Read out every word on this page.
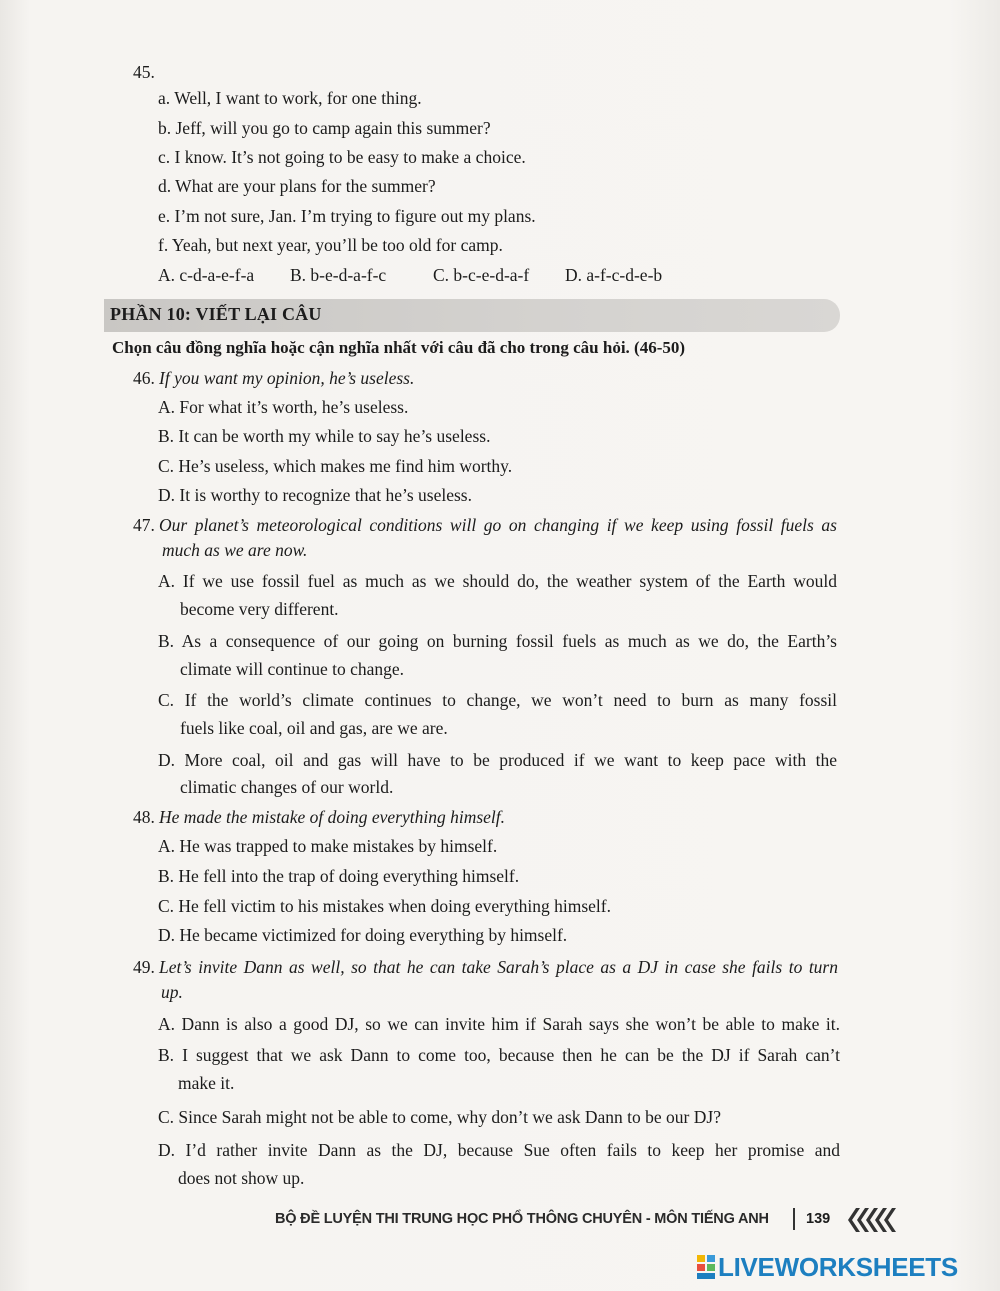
45.
a. Well, I want to work, for one thing.
b. Jeff, will you go to camp again this summer?
c. I know. It’s not going to be easy to make a choice.
d. What are your plans for the summer?
e. I’m not sure, Jan. I’m trying to figure out my plans.
f. Yeah, but next year, you’ll be too old for camp.
A. c-d-a-e-f-a B. b-e-d-a-f-c	C. b-c-e-d-a-f D. a-f-c-d-e-b
PHẦN 10: VIẾT LẠI CÂU
Chọn câu đồng nghĩa hoặc cận nghĩa nhất với câu đã cho trong câu hỏi. (46-50)
46. If you want my opinion, he’s useless.
A. For what it’s worth, he’s useless.
B. It can be worth my while to say he’s useless.
C. He’s useless, which makes me find him worthy.
D. It is worthy to recognize that he’s useless.
47. Our planet’s meteorological conditions will go on changing if we keep using fossil fuels as
much as we are now.
A. If we use fossil fuel as much as we should do, the weather system of the Earth would
become very different.
B. As a consequence of our going on burning fossil fuels as much as we do, the Earth’s
climate will continue to change.
C. If the world’s climate continues to change, we won’t need to burn as many fossil
fuels like coal, oil and gas, are we are.
D. More coal, oil and gas will have to be produced if we want to keep pace with the
climatic changes of our world.
48. He made the mistake of doing everything himself.
A. He was trapped to make mistakes by himself.
B. He fell into the trap of doing everything himself.
C. He fell victim to his mistakes when doing everything himself.
D. He became victimized for doing everything by himself.
49. Let’s invite Dann as well, so that he can take Sarah’s place as a DJ in case she fails to turn
up.
A. Dann is also a good DJ, so we can invite him if Sarah says she won’t be able to make it.
B. I suggest that we ask Dann to come too, because then he can be the DJ if Sarah can’t
make it.
C. Since Sarah might not be able to come, why don’t we ask Dann to be our DJ?
D. I’d rather invite Dann as the DJ, because Sue often fails to keep her promise and
does not show up.
BỘ ĐỀ LUYỆN THI TRUNG HỌC PHỔ THÔNG CHUYÊN - MÔN TIẾNG ANH	139
LIVEWORKSHEETS
